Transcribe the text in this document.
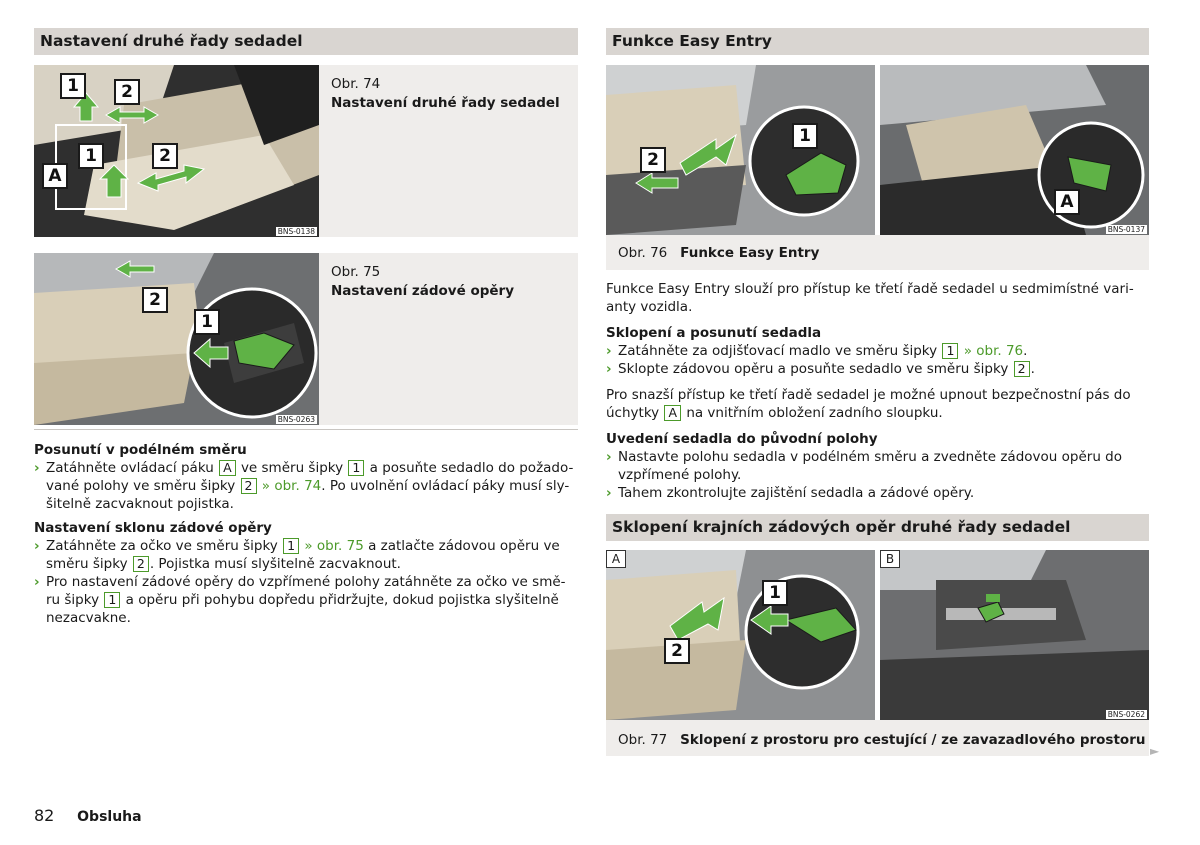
Nastavení druhé řady sedadel
1	2
A
1	2
BNS-0138
Obr. 74
Nastavení druhé řady sedadel
2
1
BNS-0263
Obr. 75
Nastavení zádové opěry
Posunutí v podélném směru
› Zatáhněte ovládací páku A ve směru šipky 1 a posuňte sedadlo do požado-
vané polohy ve směru šipky 2 » obr. 74. Po uvolnění ovládací páky musí sly-
šitelně zacvaknout pojistka.
Nastavení sklonu zádové opěry
› Zatáhněte za očko ve směru šipky 1 » obr. 75 a zatlačte zádovou opěru ve
směru šipky 2 . Pojistka musí slyšitelně zacvaknout.
› Pro nastavení zádové opěry do vzpřímené polohy zatáhněte za očko ve smě-
ru šipky 1 a opěru při pohybu dopředu přidržujte, dokud pojistka slyšitelně
nezacvakne.
Funkce Easy Entry
2
1
A
BNS-0137
Obr. 76 Funkce Easy Entry
Funkce Easy Entry slouží pro přístup ke třetí řadě sedadel u sedmimístné vari-
anty vozidla.
Sklopení a posunutí sedadla
› Zatáhněte za odjišťovací madlo ve směru šipky 1 » obr. 76.
› Sklopte zádovou opěru a posuňte sedadlo ve směru šipky 2 .
Pro snazší přístup ke třetí řadě sedadel je možné upnout bezpečnostní pás do
úchytky A na vnitřním obložení zadního sloupku.
Uvedení sedadla do původní polohy
› Nastavte polohu sedadla v podélném směru a zvedněte zádovou opěru do
vzpřímené polohy.
› Tahem zkontrolujte zajištění sedadla a zádové opěry.
Sklopení krajních zádových opěr druhé řady sedadel
A	B
1
2
BNS-0262
Obr. 77 Sklopení z prostoru pro cestující / ze zavazadlového prostoru
►
82 Obsluha
